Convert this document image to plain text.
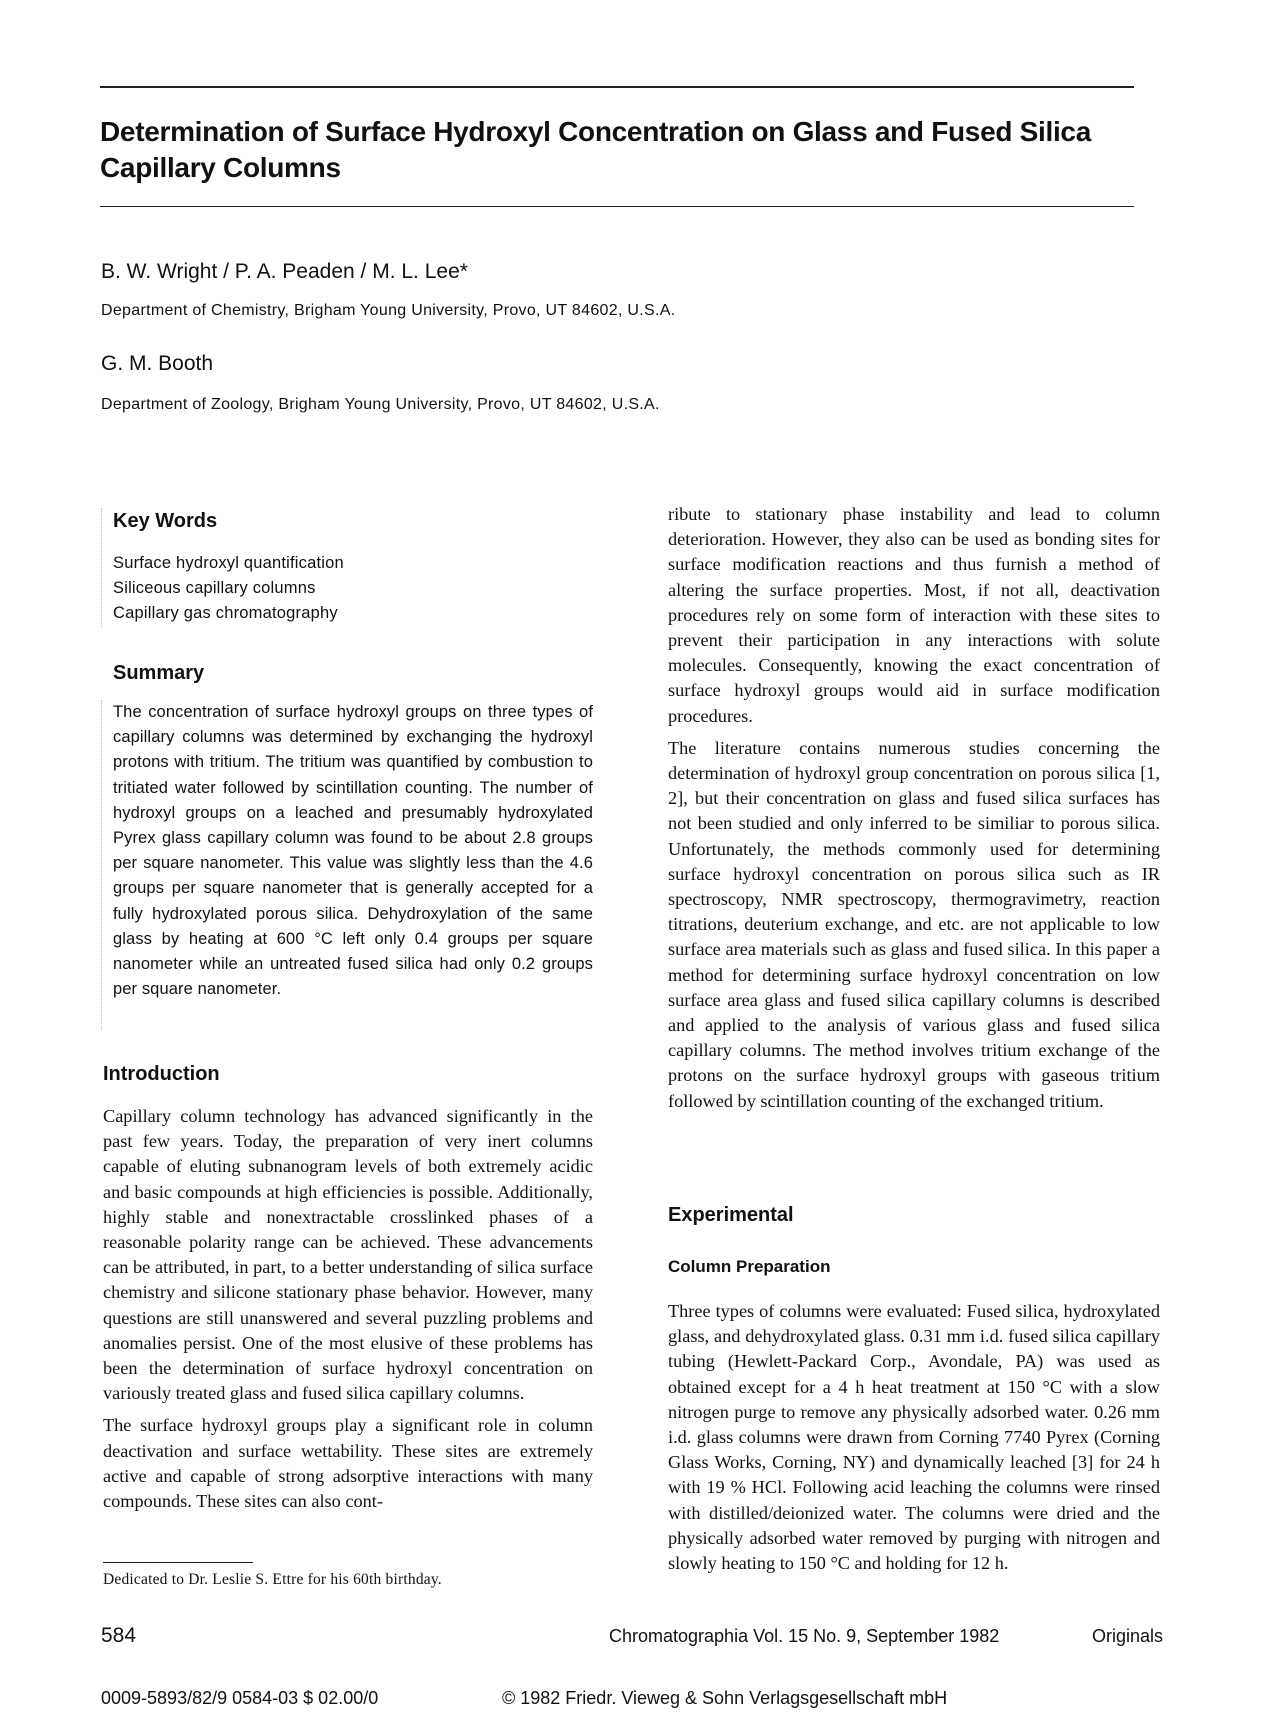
Determination of Surface Hydroxyl Concentration on Glass and Fused Silica
Capillary Columns
B. W. Wright / P. A. Peaden / M. L. Lee*
Department of Chemistry, Brigham Young University, Provo, UT 84602, U.S.A.
G. M. Booth
Department of Zoology, Brigham Young University, Provo, UT 84602, U.S.A.
Key Words
Surface hydroxyl quantification
Siliceous capillary columns
Capillary gas chromatography
Summary

The concentration of surface hydroxyl groups on three types of capillary columns was determined by exchanging the hydroxyl protons with tritium. The tritium was quantified by combustion to tritiated water followed by scintillation counting. The number of hydroxyl groups on a leached and presumably hydroxylated Pyrex glass capillary column was found to be about 2.8 groups per square nanometer. This value was slightly less than the 4.6 groups per square nanometer that is generally accepted for a fully hydroxylated porous silica. Dehydroxylation of the same glass by heating at 600 °C left only 0.4 groups per square nanometer while an untreated fused silica had only 0.2 groups per square nanometer.

Introduction

Capillary column technology has advanced significantly in the past few years. Today, the preparation of very inert columns capable of eluting subnanogram levels of both extremely acidic and basic compounds at high efficiencies is possible. Additionally, highly stable and nonextractable crosslinked phases of a reasonable polarity range can be achieved. These advancements can be attributed, in part, to a better understanding of silica surface chemistry and silicone stationary phase behavior. However, many questions are still unanswered and several puzzling problems and anomalies persist. One of the most elusive of these problems has been the determination of surface hydroxyl concentration on variously treated glass and fused silica capillary columns.

The surface hydroxyl groups play a significant role in column deactivation and surface wettability. These sites are extremely active and capable of strong adsorptive interactions with many compounds. These sites can also cont-

ribute to stationary phase instability and lead to column deterioration. However, they also can be used as bonding sites for surface modification reactions and thus furnish a method of altering the surface properties. Most, if not all, deactivation procedures rely on some form of interaction with these sites to prevent their participation in any interactions with solute molecules. Consequently, knowing the exact concentration of surface hydroxyl groups would aid in surface modification procedures.

The literature contains numerous studies concerning the determination of hydroxyl group concentration on porous silica [1, 2], but their concentration on glass and fused silica surfaces has not been studied and only inferred to be similiar to porous silica. Unfortunately, the methods commonly used for determining surface hydroxyl concentration on porous silica such as IR spectroscopy, NMR spectroscopy, thermogravimetry, reaction titrations, deuterium exchange, and etc. are not applicable to low surface area materials such as glass and fused silica. In this paper a method for determining surface hydroxyl concentration on low surface area glass and fused silica capillary columns is described and applied to the analysis of various glass and fused silica capillary columns. The method involves tritium exchange of the protons on the surface hydroxyl groups with gaseous tritium followed by scintillation counting of the exchanged tritium.

Experimental
Column Preparation

Three types of columns were evaluated: Fused silica, hydroxylated glass, and dehydroxylated glass. 0.31 mm i.d. fused silica capillary tubing (Hewlett-Packard Corp., Avondale, PA) was used as obtained except for a 4 h heat treatment at 150 °C with a slow nitrogen purge to remove any physically adsorbed water. 0.26 mm i.d. glass columns were drawn from Corning 7740 Pyrex (Corning Glass Works, Corning, NY) and dynamically leached [3] for 24 h with 19 % HCl. Following acid leaching the columns were rinsed with distilled/deionized water. The columns were dried and the physically adsorbed water removed by purging with nitrogen and slowly heating to 150 °C and holding for 12 h.

Dedicated to Dr. Leslie S. Ettre for his 60th birthday.
584	Chromatographia Vol. 15 No. 9, September 1982	Originals
0009-5893/82/9 0584-03 $ 02.00/0	© 1982 Friedr. Vieweg & Sohn Verlagsgesellschaft mbH
